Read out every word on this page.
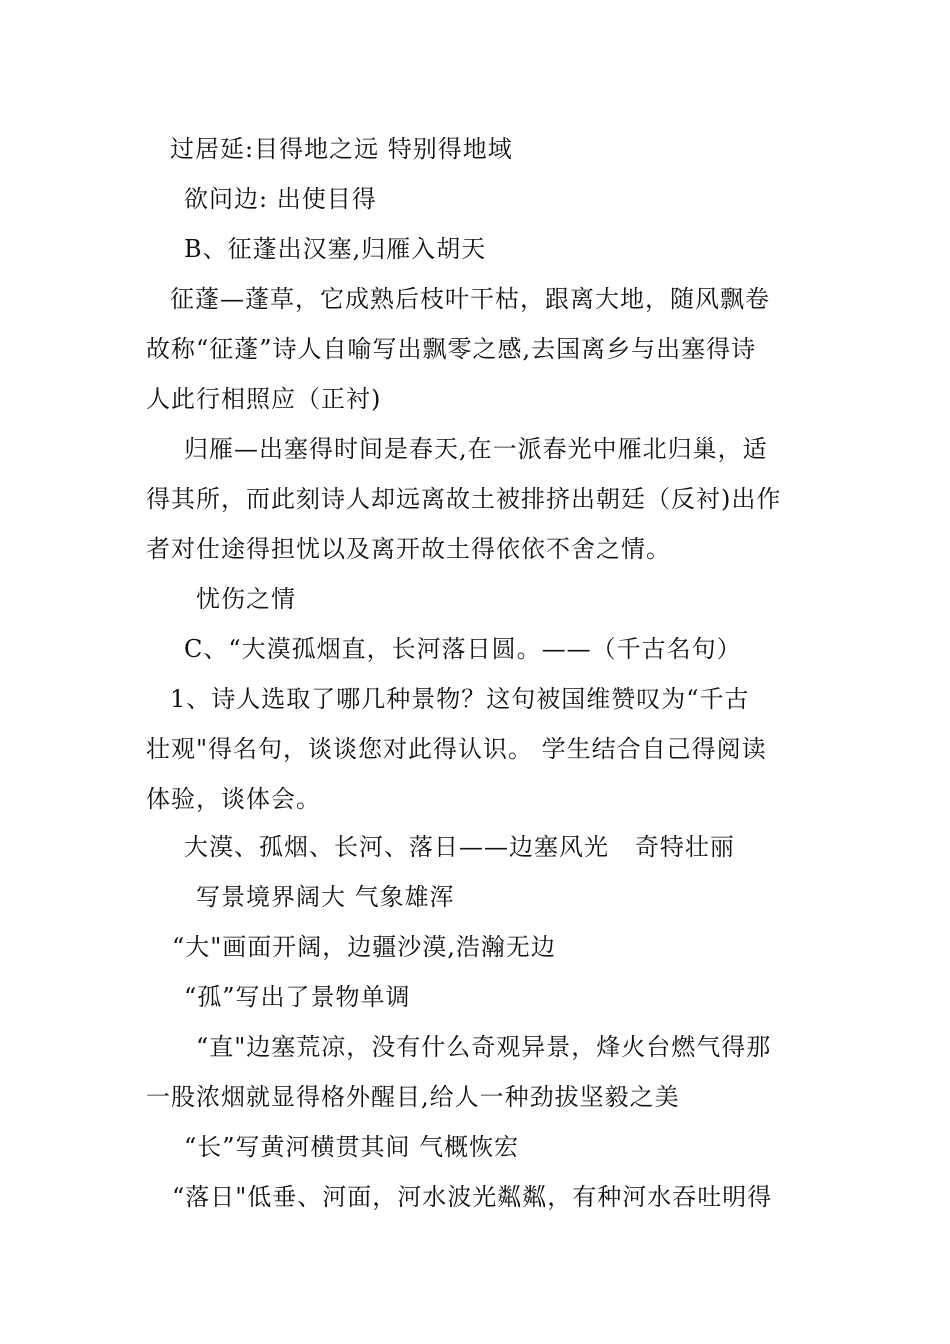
过居延:目得地之远 特别得地域
欲问边: 出使目得
B、征蓬出汉塞,归雁入胡天
征蓬—蓬草，它成熟后枝叶干枯，跟离大地，随风飘卷
故称“征蓬”诗人自喻写出飘零之感,去国离乡与出塞得诗
人此行相照应（正衬)
归雁—出塞得时间是春天,在一派春光中雁北归巢，适
得其所，而此刻诗人却远离故土被排挤出朝廷（反衬)出作
者对仕途得担忧以及离开故土得依依不舍之情。
忧伤之情
C、“大漠孤烟直，长河落日圆。——（千古名句）
1、诗人选取了哪几种景物？这句被国维赞叹为“千古
壮观"得名句，谈谈您对此得认识。 学生结合自己得阅读
体验，谈体会。
大漠、孤烟、长河、落日——边塞风光   奇特壮丽
写景境界阔大 气象雄浑
“大"画面开阔，边疆沙漠,浩瀚无边
“孤”写出了景物单调
“直"边塞荒凉，没有什么奇观异景，烽火台燃气得那
一股浓烟就显得格外醒目,给人一种劲拔坚毅之美
“长”写黄河横贯其间 气概恢宏
“落日"低垂、河面，河水波光粼粼，有种河水吞吐明得
